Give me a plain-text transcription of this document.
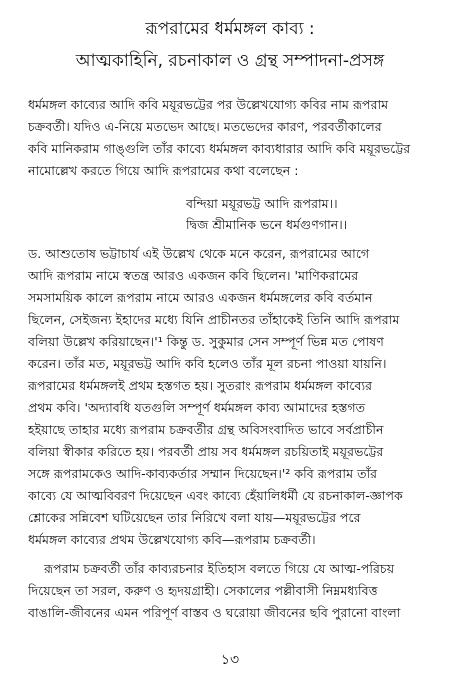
রূপরামের ধর্মমঙ্গল কাব্য :
আত্মকাহিনি, রচনাকাল ও গ্রন্থ সম্পাদনা-প্রসঙ্গ
ধর্মমঙ্গল কাব্যের আদি কবি ময়ূরভট্টের পর উল্লেখযোগ্য কবির নাম রূপরাম
চক্রবর্তী। যদিও এ-নিয়ে মতভেদ আছে। মতভেদের কারণ, পরবর্তীকালের
কবি মানিকরাম গাঙ্গুলি তাঁর কাব্যে ধর্মমঙ্গল কাব্যধারার আদি কবি ময়ূরভট্টের
নামোল্লেখ করতে গিয়ে আদি রূপরামের কথা বলেছেন :
বন্দিয়া ময়ূরভট্ট আদি রূপরাম।।
দ্বিজ শ্রীমানিক ভনে ধর্মগুণগান।।
ড. আশুতোষ ভট্টাচার্য এই উল্লেখ থেকে মনে করেন, রূপরামের আগে
আদি রূপরাম নামে স্বতন্ত্র আরও একজন কবি ছিলেন। 'মাণিকরামের
সমসাময়িক কালে রূপরাম নামে আরও একজন ধর্মমঙ্গলের কবি বর্তমান
ছিলেন, সেইজন্য ইহাদের মধ্যে যিনি প্রাচীনতর তাঁহাকেই তিনি আদি রূপরাম
বলিয়া উল্লেখ করিয়াছেন।'¹ কিন্তু ড. সুকুমার সেন সম্পূর্ণ ভিন্ন মত পোষণ
করেন। তাঁর মত, ময়ূরভট্ট আদি কবি হলেও তাঁর মূল রচনা পাওয়া যায়নি।
রূপরামের ধর্মমঙ্গলই প্রথম হস্তগত হয়। সুতরাং রূপরাম ধর্মমঙ্গল কাব্যের
প্রথম কবি। 'অদ্যাবধি যতগুলি সম্পূর্ণ ধর্মমঙ্গল কাব্য আমাদের হস্তগত
হইয়াছে তাহার মধ্যে রূপরাম চক্রবর্তীর গ্রন্থ অবিসংবাদিত ভাবে সর্বপ্রাচীন
বলিয়া স্বীকার করিতে হয়। পরবর্তী প্রায় সব ধর্মমঙ্গল রচয়িতাই ময়ূরভট্টের
সঙ্গে রূপরামকেও আদি-কাব্যকর্তার সম্মান দিয়েছেন।'² কবি রূপরাম তাঁর
কাব্যে যে আত্মবিবরণ দিয়েছেন এবং কাব্যে হেঁয়ালিধর্মী যে রচনাকাল-জ্ঞাপক
শ্লোকের সন্নিবেশ ঘটিয়েছেন তার নিরিখে বলা যায়—ময়ূরভট্টের পরে
ধর্মমঙ্গল কাব্যের প্রথম উল্লেখযোগ্য কবি—রূপরাম চক্রবর্তী।
রূপরাম চক্রবর্তী তাঁর কাব্যরচনার ইতিহাস বলতে গিয়ে যে আত্ম-পরিচয়
দিয়েছেন তা সরল, করুণ ও হৃদয়গ্রাহী। সেকালের পল্লীবাসী নিম্নমধ্যবিত্ত
বাঙালি-জীবনের এমন পরিপূর্ণ বাস্তব ও ঘরোয়া জীবনের ছবি পুরানো বাংলা
১৩
